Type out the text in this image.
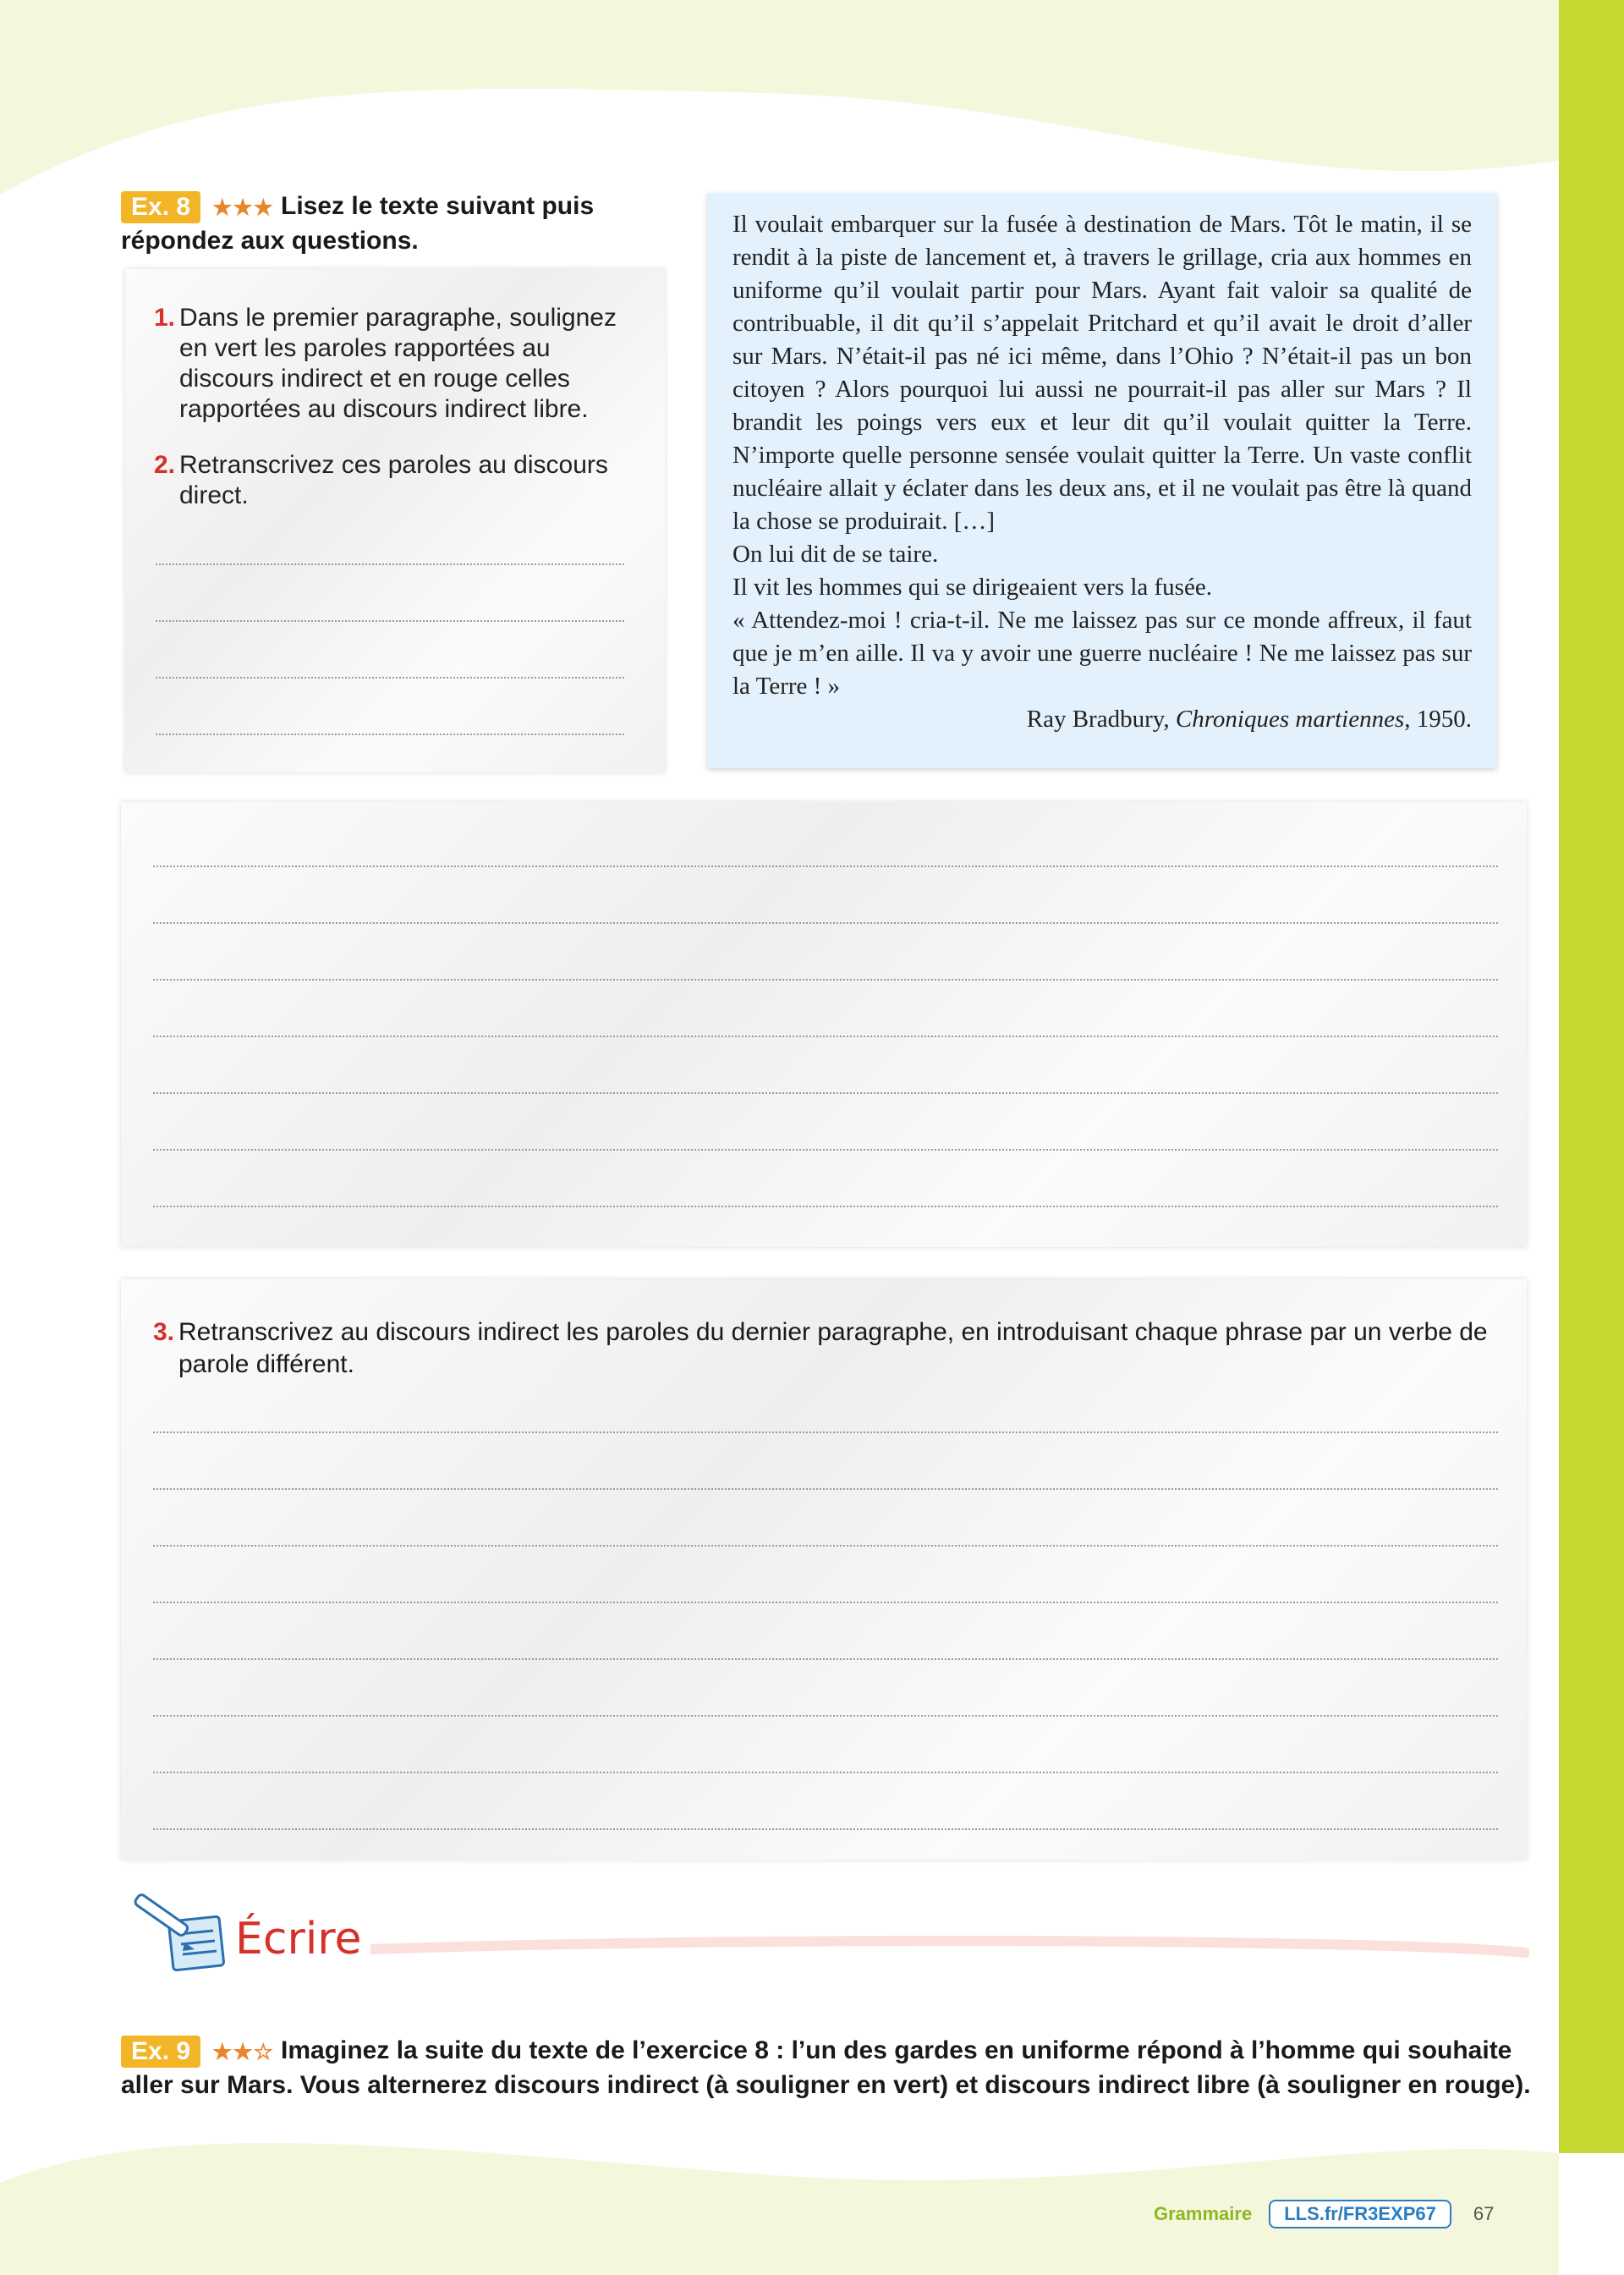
Ex. 8 ★★★ Lisez le texte suivant puis répondez aux questions.
1. Dans le premier paragraphe, soulignez en vert les paroles rapportées au discours indirect et en rouge celles rapportées au discours indirect libre.
2. Retranscrivez ces paroles au discours direct.

Il voulait embarquer sur la fusée à destination de Mars. Tôt le matin, il se rendit à la piste de lancement et, à travers le grillage, cria aux hommes en uniforme qu’il voulait partir pour Mars. Ayant fait valoir sa qualité de contribuable, il dit qu’il s’appelait Pritchard et qu’il avait le droit d’aller sur Mars. N’était-il pas né ici même, dans l’Ohio ? N’était-il pas un bon citoyen ? Alors pourquoi lui aussi ne pourrait-il pas aller sur Mars ? Il brandit les poings vers eux et leur dit qu’il voulait quitter la Terre. N’importe quelle personne sensée voulait quitter la Terre. Un vaste conflit nucléaire allait y éclater dans les deux ans, et il ne voulait pas être là quand la chose se produirait. […]

On lui dit de se taire.

Il vit les hommes qui se dirigeaient vers la fusée.

« Attendez-moi ! cria-t-il. Ne me laissez pas sur ce monde affreux, il faut que je m’en aille. Il va y avoir une guerre nucléaire ! Ne me laissez pas sur la Terre ! »

Ray Bradbury, Chroniques martiennes, 1950.

3. Retranscrivez au discours indirect les paroles du dernier paragraphe, en introduisant chaque phrase par un verbe de parole différent.
Écrire
Ex. 9 ★★☆ Imaginez la suite du texte de l’exercice 8 : l’un des gardes en uniforme répond à l’homme qui souhaite aller sur Mars. Vous alternerez discours indirect (à souligner en vert) et discours indirect libre (à souligner en rouge).
Grammaire	LLS.fr/FR3EXP67	67
